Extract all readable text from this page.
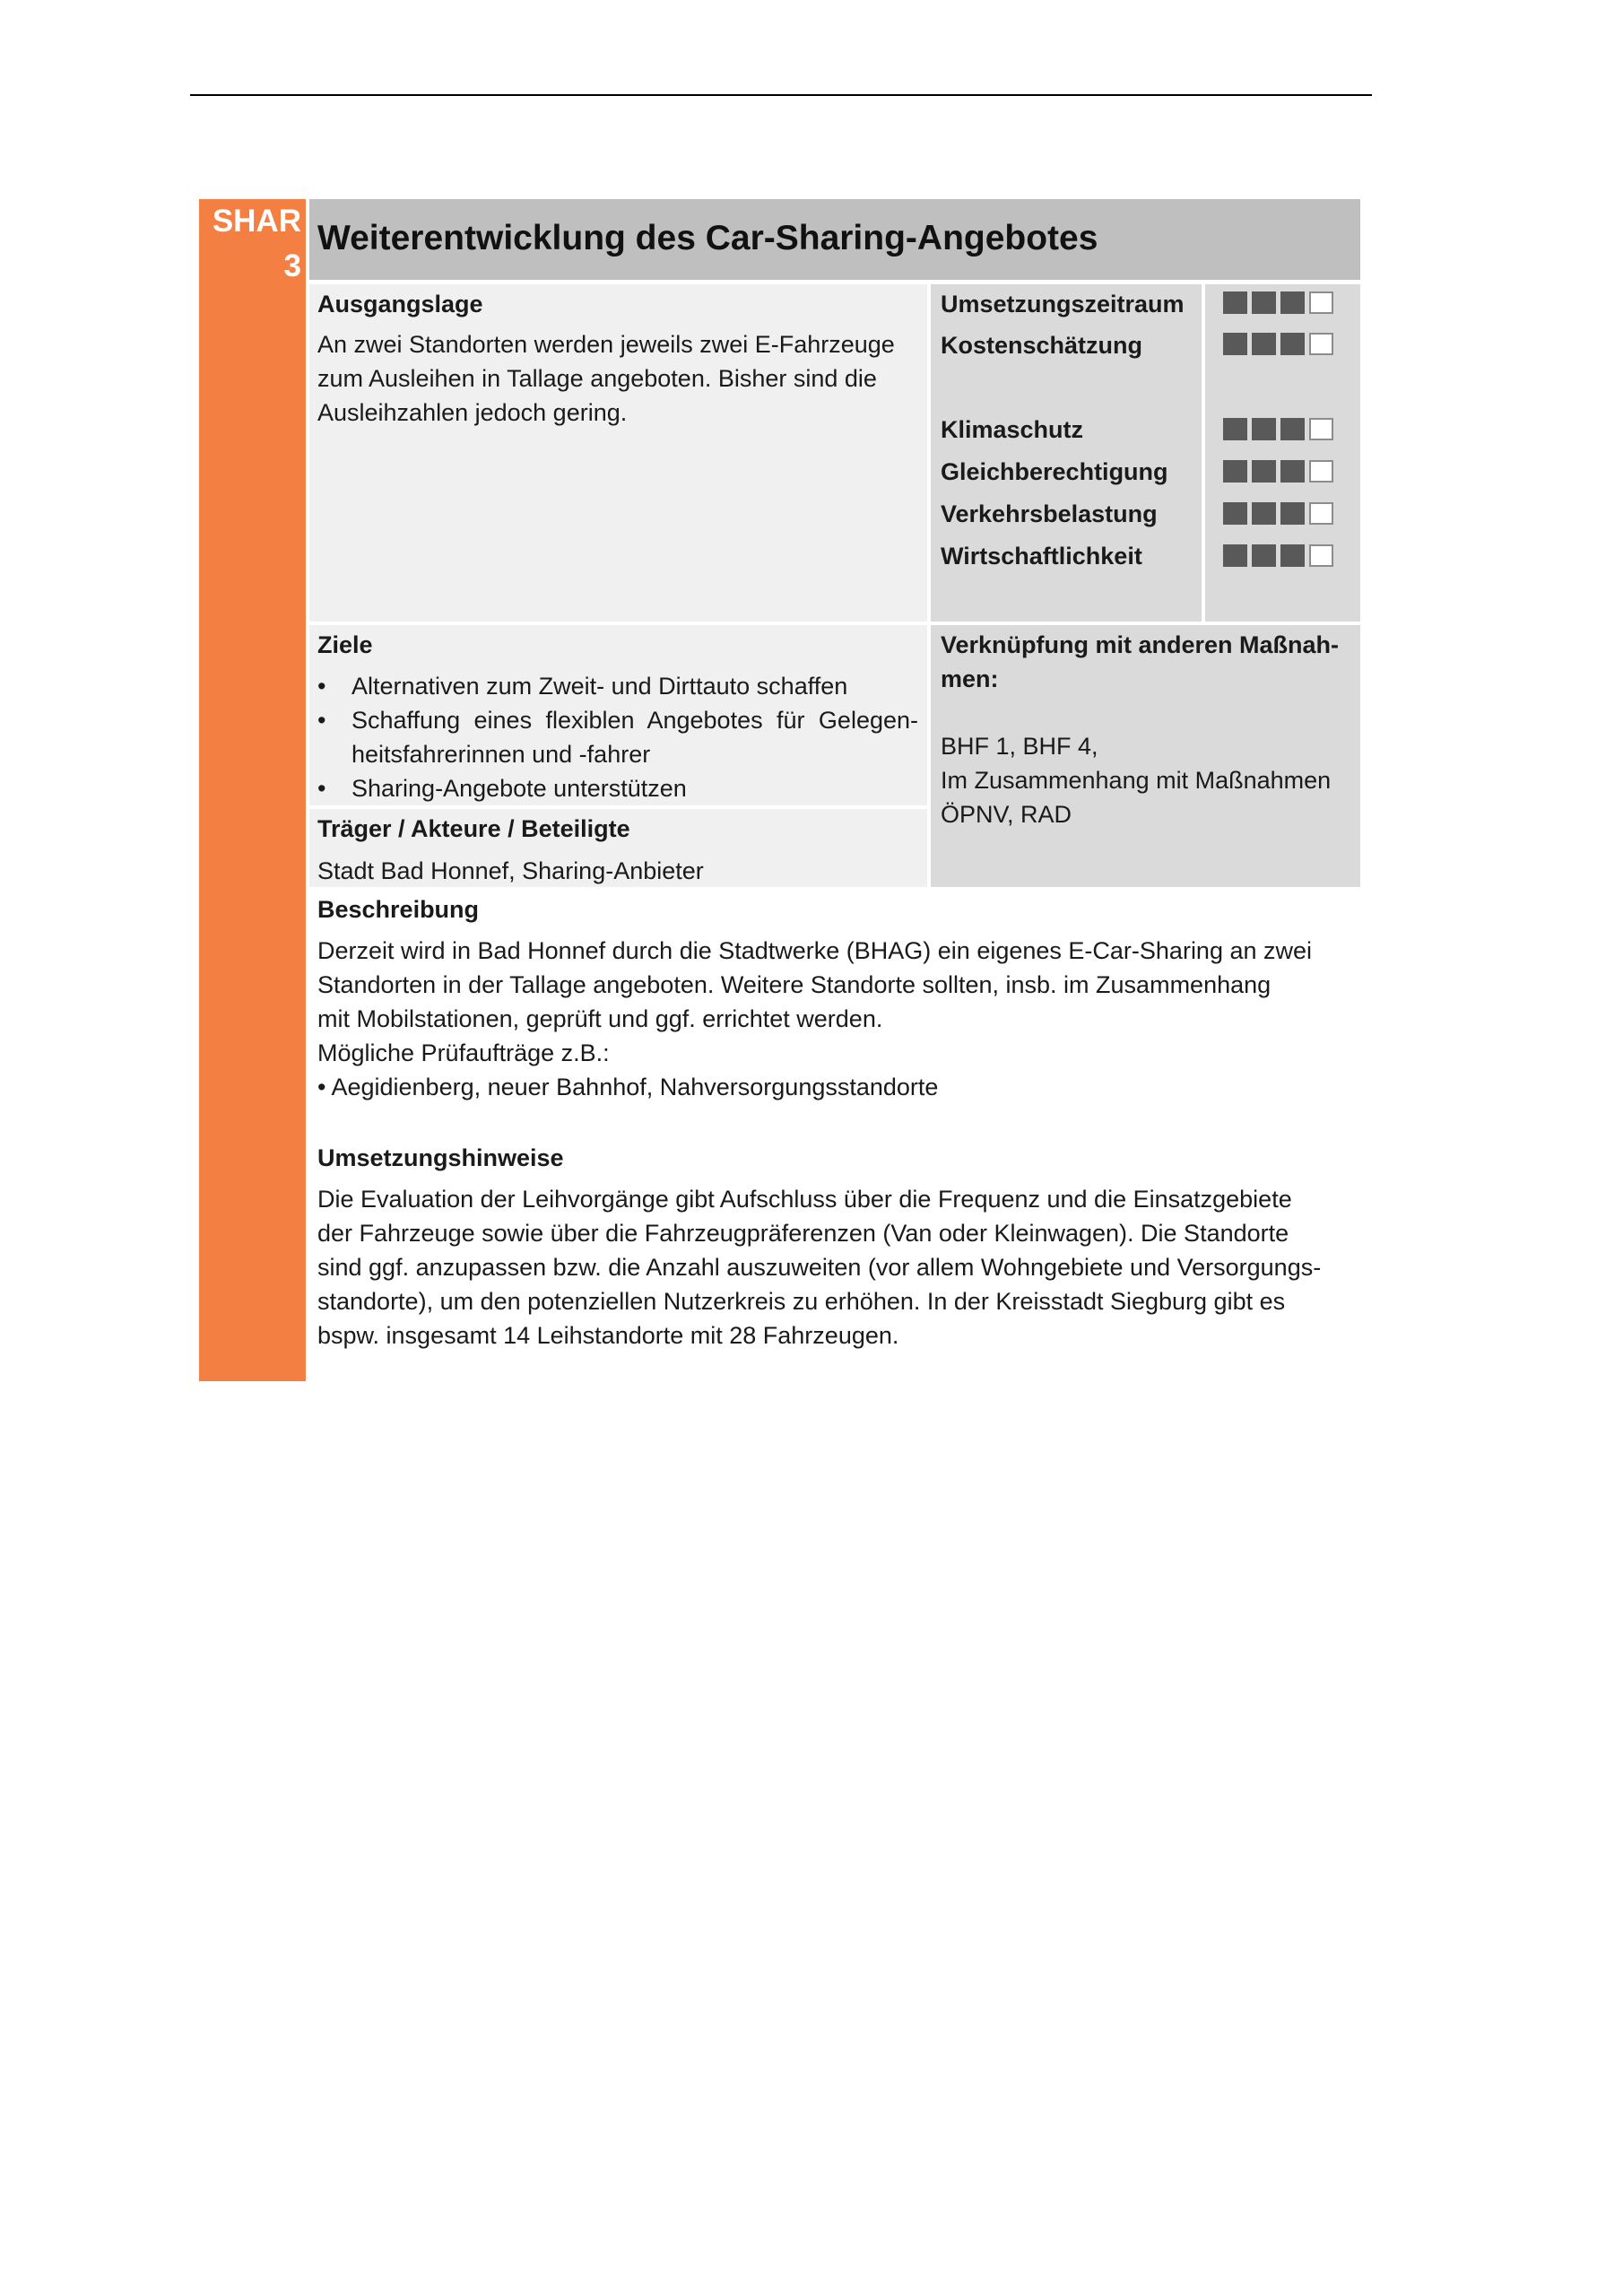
SHAR
3
Weiterentwicklung des Car-Sharing-Angebotes
Ausgangslage
An zwei Standorten werden jeweils zwei E-Fahrzeuge
zum Ausleihen in Tallage angeboten. Bisher sind die
Ausleihzahlen jedoch gering.
Umsetzungszeitraum
Kostenschätzung
Klimaschutz
Gleichberechtigung
Verkehrsbelastung
Wirtschaftlichkeit
Ziele
• Alternativen zum Zweit- und Dirttauto schaffen
• Schaffung eines flexiblen Angebotes für Gelegen- heitsfahrerinnen und -fahrer
• Sharing-Angebote unterstützen
Träger / Akteure / Beteiligte
Stadt Bad Honnef, Sharing-Anbieter
Verknüpfung mit anderen Maßnah-
men:
BHF 1, BHF 4,
Im Zusammenhang mit Maßnahmen
ÖPNV, RAD
Beschreibung
Derzeit wird in Bad Honnef durch die Stadtwerke (BHAG) ein eigenes E-Car-Sharing an zwei
Standorten in der Tallage angeboten. Weitere Standorte sollten, insb. im Zusammenhang
mit Mobilstationen, geprüft und ggf. errichtet werden.
Mögliche Prüfaufträge z.B.:
• Aegidienberg, neuer Bahnhof, Nahversorgungsstandorte
Umsetzungshinweise
Die Evaluation der Leihvorgänge gibt Aufschluss über die Frequenz und die Einsatzgebiete
der Fahrzeuge sowie über die Fahrzeugpräferenzen (Van oder Kleinwagen). Die Standorte
sind ggf. anzupassen bzw. die Anzahl auszuweiten (vor allem Wohngebiete und Versorgungs-
standorte), um den potenziellen Nutzerkreis zu erhöhen. In der Kreisstadt Siegburg gibt es
bspw. insgesamt 14 Leihstandorte mit 28 Fahrzeugen.
